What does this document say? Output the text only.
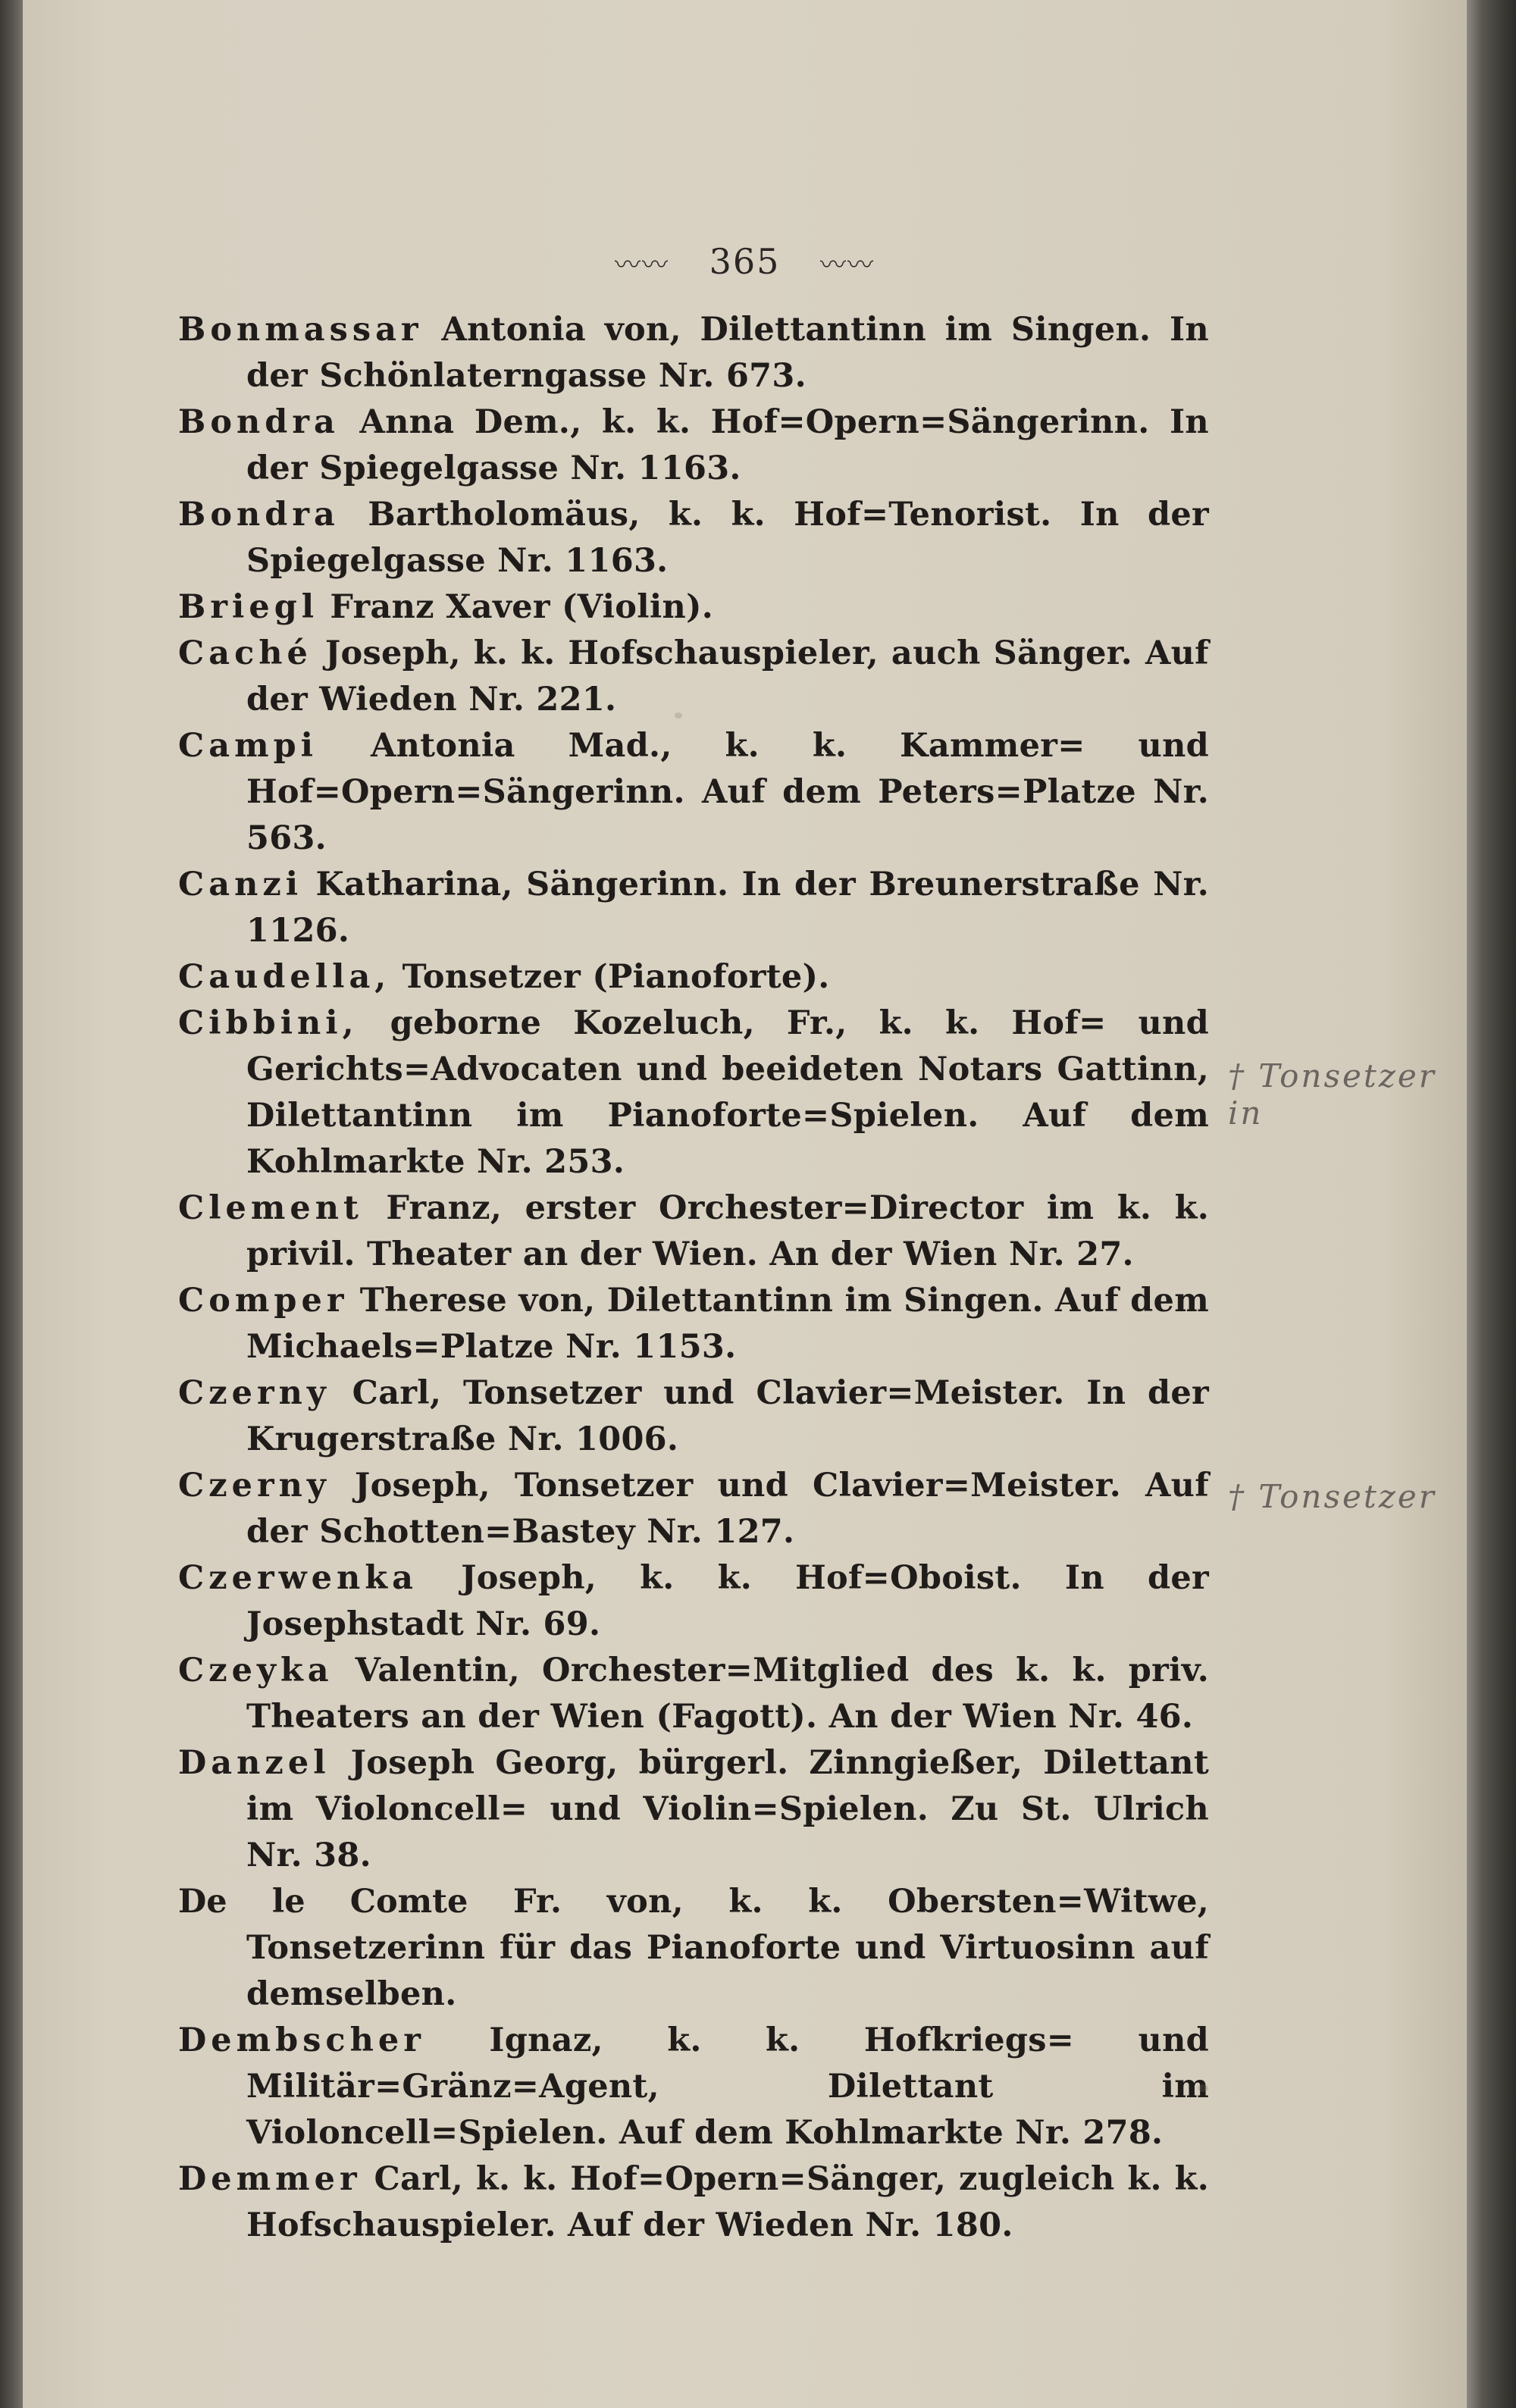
〰〰 365 〰〰

Bonmassar Antonia von, Dilettantinn im Singen. In der Schönlaterngasse Nr. 673.

Bondra Anna Dem., k. k. Hof=Opern=Sängerinn. In der Spiegelgasse Nr. 1163.

Bondra Bartholomäus, k. k. Hof=Tenorist. In der Spiegelgasse Nr. 1163.

Briegl Franz Xaver (Violin).

Caché Joseph, k. k. Hofschauspieler, auch Sänger. Auf der Wieden Nr. 221.

Campi Antonia Mad., k. k. Kammer= und Hof=Opern=Sängerinn. Auf dem Peters=Platze Nr. 563.

Canzi Katharina, Sängerinn. In der Breunerstraße Nr. 1126.

Caudella, Tonsetzer (Pianoforte).

Cibbini, geborne Kozeluch, Fr., k. k. Hof= und Gerichts=Advocaten und beeideten Notars Gattinn, Dilettantinn im Pianoforte=Spielen. Auf dem Kohlmarkte Nr. 253.

Clement Franz, erster Orchester=Director im k. k. privil. Theater an der Wien. An der Wien Nr. 27.

Comper Therese von, Dilettantinn im Singen. Auf dem Michaels=Platze Nr. 1153.

Czerny Carl, Tonsetzer und Clavier=Meister. In der Krugerstraße Nr. 1006.

Czerny Joseph, Tonsetzer und Clavier=Meister. Auf der Schotten=Bastey Nr. 127.

Czerwenka Joseph, k. k. Hof=Oboist. In der Josephstadt Nr. 69.

Czeyka Valentin, Orchester=Mitglied des k. k. priv. Theaters an der Wien (Fagott). An der Wien Nr. 46.

Danzel Joseph Georg, bürgerl. Zinngießer, Dilettant im Violoncell= und Violin=Spielen. Zu St. Ulrich Nr. 38.

De le Comte Fr. von, k. k. Obersten=Witwe, Tonsetzerinn für das Pianoforte und Virtuosinn auf demselben.

Dembscher Ignaz, k. k. Hofkriegs= und Militär=Gränz=Agent, Dilettant im Violoncell=Spielen. Auf dem Kohlmarkte Nr. 278.

Demmer Carl, k. k. Hof=Opern=Sänger, zugleich k. k. Hofschauspieler. Auf der Wieden Nr. 180.

† Tonsetzer in
† Tonsetzer
